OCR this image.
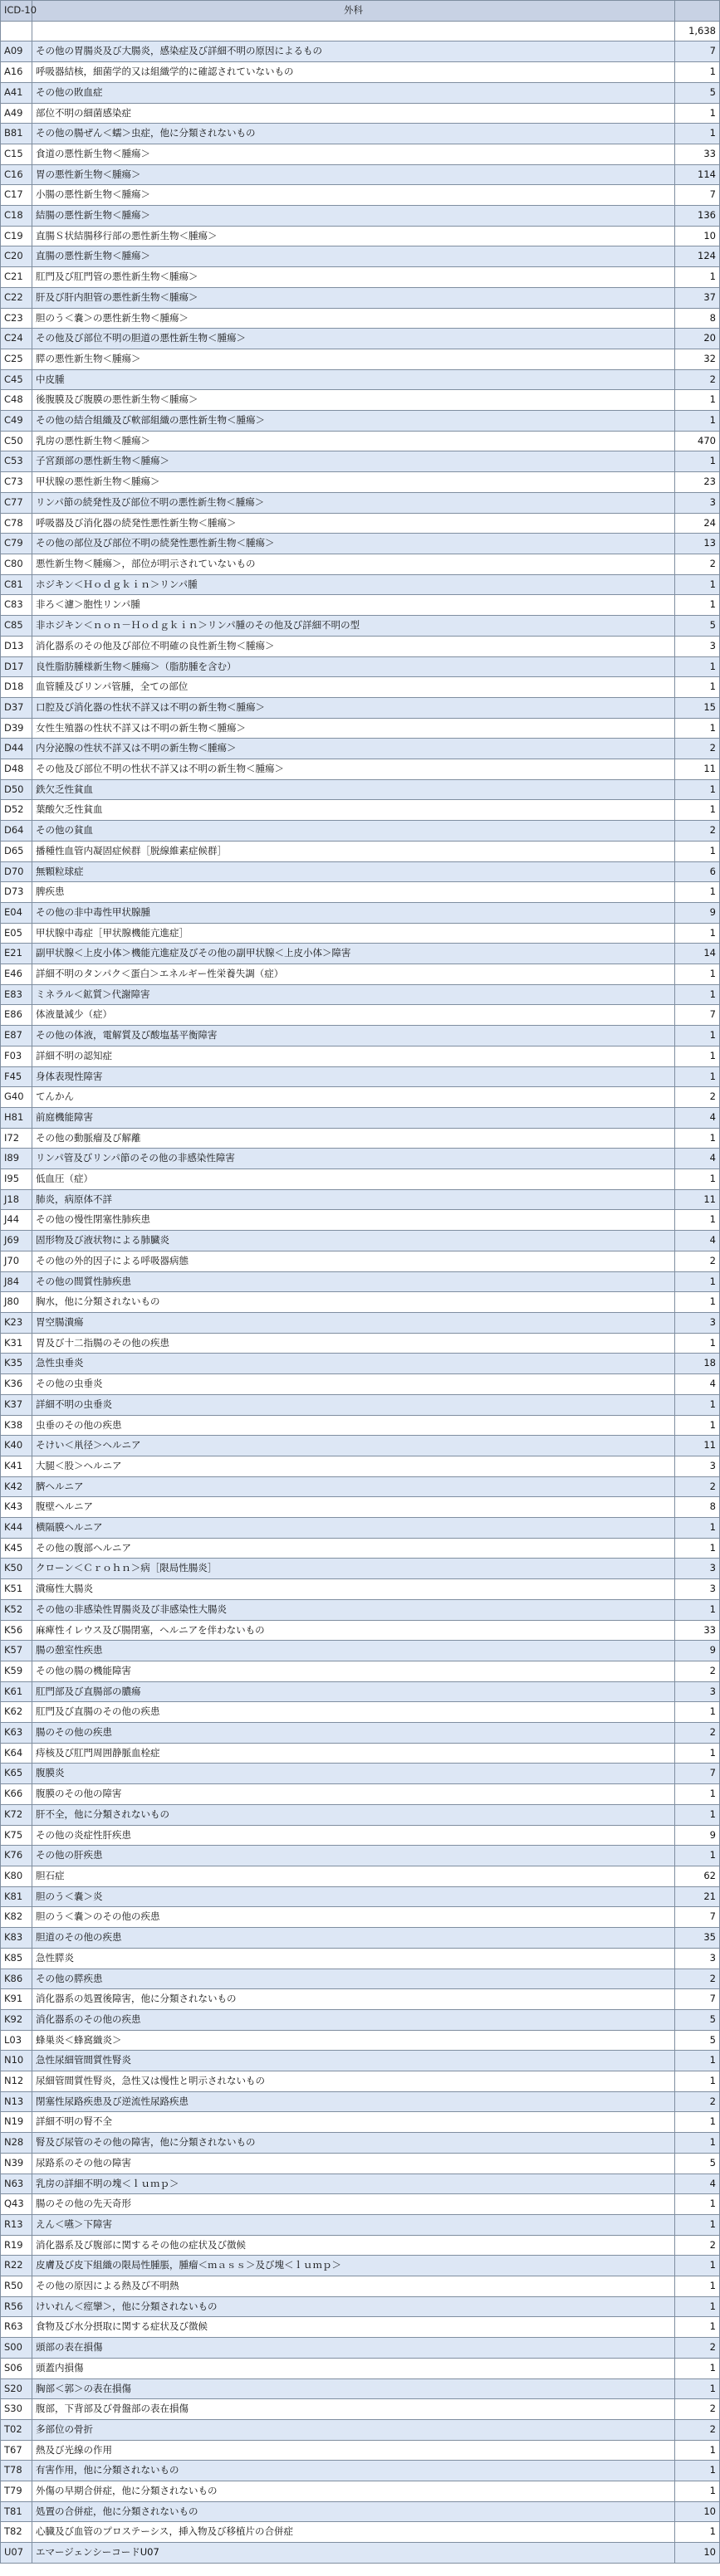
ICD-10	外科	
		1,638
A09	その他の胃腸炎及び大腸炎，感染症及び詳細不明の原因によるもの	7
A16	呼吸器結核，細菌学的又は組織学的に確認されていないもの	1
A41	その他の敗血症	5
A49	部位不明の細菌感染症	1
B81	その他の腸ぜん＜蠕＞虫症，他に分類されないもの	1
C15	食道の悪性新生物＜腫瘍＞	33
C16	胃の悪性新生物＜腫瘍＞	114
C17	小腸の悪性新生物＜腫瘍＞	7
C18	結腸の悪性新生物＜腫瘍＞	136
C19	直腸Ｓ状結腸移行部の悪性新生物＜腫瘍＞	10
C20	直腸の悪性新生物＜腫瘍＞	124
C21	肛門及び肛門管の悪性新生物＜腫瘍＞	1
C22	肝及び肝内胆管の悪性新生物＜腫瘍＞	37
C23	胆のう＜嚢＞の悪性新生物＜腫瘍＞	8
C24	その他及び部位不明の胆道の悪性新生物＜腫瘍＞	20
C25	膵の悪性新生物＜腫瘍＞	32
C45	中皮腫	2
C48	後腹膜及び腹膜の悪性新生物＜腫瘍＞	1
C49	その他の結合組織及び軟部組織の悪性新生物＜腫瘍＞	1
C50	乳房の悪性新生物＜腫瘍＞	470
C53	子宮頚部の悪性新生物＜腫瘍＞	1
C73	甲状腺の悪性新生物＜腫瘍＞	23
C77	リンパ節の続発性及び部位不明の悪性新生物＜腫瘍＞	3
C78	呼吸器及び消化器の続発性悪性新生物＜腫瘍＞	24
C79	その他の部位及び部位不明の続発性悪性新生物＜腫瘍＞	13
C80	悪性新生物＜腫瘍＞，部位が明示されていないもの	2
C81	ホジキン＜Ｈｏｄｇｋｉｎ＞リンパ腫	1
C83	非ろ＜濾＞胞性リンパ腫	1
C85	非ホジキン＜ｎｏｎ－Ｈｏｄｇｋｉｎ＞リンパ腫のその他及び詳細不明の型	5
D13	消化器系のその他及び部位不明確の良性新生物＜腫瘍＞	3
D17	良性脂肪腫様新生物＜腫瘍＞（脂肪腫を含む）	1
D18	血管腫及びリンパ管腫，全ての部位	1
D37	口腔及び消化器の性状不詳又は不明の新生物＜腫瘍＞	15
D39	女性生殖器の性状不詳又は不明の新生物＜腫瘍＞	1
D44	内分泌腺の性状不詳又は不明の新生物＜腫瘍＞	2
D48	その他及び部位不明の性状不詳又は不明の新生物＜腫瘍＞	11
D50	鉄欠乏性貧血	1
D52	葉酸欠乏性貧血	1
D64	その他の貧血	2
D65	播種性血管内凝固症候群［脱線維素症候群］	1
D70	無顆粒球症	6
D73	脾疾患	1
E04	その他の非中毒性甲状腺腫	9
E05	甲状腺中毒症［甲状腺機能亢進症］	1
E21	副甲状腺＜上皮小体＞機能亢進症及びその他の副甲状腺＜上皮小体＞障害	14
E46	詳細不明のタンパク＜蛋白＞エネルギー性栄養失調（症）	1
E83	ミネラル＜鉱質＞代謝障害	1
E86	体液量減少（症）	7
E87	その他の体液，電解質及び酸塩基平衡障害	1
F03	詳細不明の認知症	1
F45	身体表現性障害	1
G40	てんかん	2
H81	前庭機能障害	4
I72	その他の動脈瘤及び解離	1
I89	リンパ管及びリンパ節のその他の非感染性障害	4
I95	低血圧（症）	1
J18	肺炎，病原体不詳	11
J44	その他の慢性閉塞性肺疾患	1
J69	固形物及び液状物による肺臓炎	4
J70	その他の外的因子による呼吸器病態	2
J84	その他の間質性肺疾患	1
J80	胸水，他に分類されないもの	1
K23	胃空腸潰瘍	3
K31	胃及び十二指腸のその他の疾患	1
K35	急性虫垂炎	18
K36	その他の虫垂炎	4
K37	詳細不明の虫垂炎	1
K38	虫垂のその他の疾患	1
K40	そけい＜鼡径＞ヘルニア	11
K41	大腿＜股＞ヘルニア	3
K42	臍ヘルニア	2
K43	腹壁ヘルニア	8
K44	横隔膜ヘルニア	1
K45	その他の腹部ヘルニア	1
K50	クローン＜Ｃｒｏｈｎ＞病［限局性腸炎］	3
K51	潰瘍性大腸炎	3
K52	その他の非感染性胃腸炎及び非感染性大腸炎	1
K56	麻痺性イレウス及び腸閉塞，ヘルニアを伴わないもの	33
K57	腸の憩室性疾患	9
K59	その他の腸の機能障害	2
K61	肛門部及び直腸部の膿瘍	3
K62	肛門及び直腸のその他の疾患	1
K63	腸のその他の疾患	2
K64	痔核及び肛門周囲静脈血栓症	1
K65	腹膜炎	7
K66	腹膜のその他の障害	1
K72	肝不全，他に分類されないもの	1
K75	その他の炎症性肝疾患	9
K76	その他の肝疾患	1
K80	胆石症	62
K81	胆のう＜嚢＞炎	21
K82	胆のう＜嚢＞のその他の疾患	7
K83	胆道のその他の疾患	35
K85	急性膵炎	3
K86	その他の膵疾患	2
K91	消化器系の処置後障害，他に分類されないもの	7
K92	消化器系のその他の疾患	5
L03	蜂巣炎＜蜂窩織炎＞	5
N10	急性尿細管間質性腎炎	1
N12	尿細管間質性腎炎，急性又は慢性と明示されないもの	1
N13	閉塞性尿路疾患及び逆流性尿路疾患	2
N19	詳細不明の腎不全	1
N28	腎及び尿管のその他の障害，他に分類されないもの	1
N39	尿路系のその他の障害	5
N63	乳房の詳細不明の塊＜ｌｕｍｐ＞	4
Q43	腸のその他の先天奇形	1
R13	えん＜嚥＞下障害	1
R19	消化器系及び腹部に関するその他の症状及び徴候	2
R22	皮膚及び皮下組織の限局性腫脹，腫瘤＜ｍａｓｓ＞及び塊＜ｌｕｍｐ＞	1
R50	その他の原因による熱及び不明熱	1
R56	けいれん＜痙攣＞，他に分類されないもの	1
R63	食物及び水分摂取に関する症状及び徴候	1
S00	頭部の表在損傷	2
S06	頭蓋内損傷	1
S20	胸部＜郭＞の表在損傷	1
S30	腹部，下背部及び骨盤部の表在損傷	2
T02	多部位の骨折	2
T67	熱及び光線の作用	1
T78	有害作用，他に分類されないもの	1
T79	外傷の早期合併症，他に分類されないもの	1
T81	処置の合併症，他に分類されないもの	10
T82	心臓及び血管のプロステーシス，挿入物及び移植片の合併症	1
U07	エマージェンシーコードU07	10
